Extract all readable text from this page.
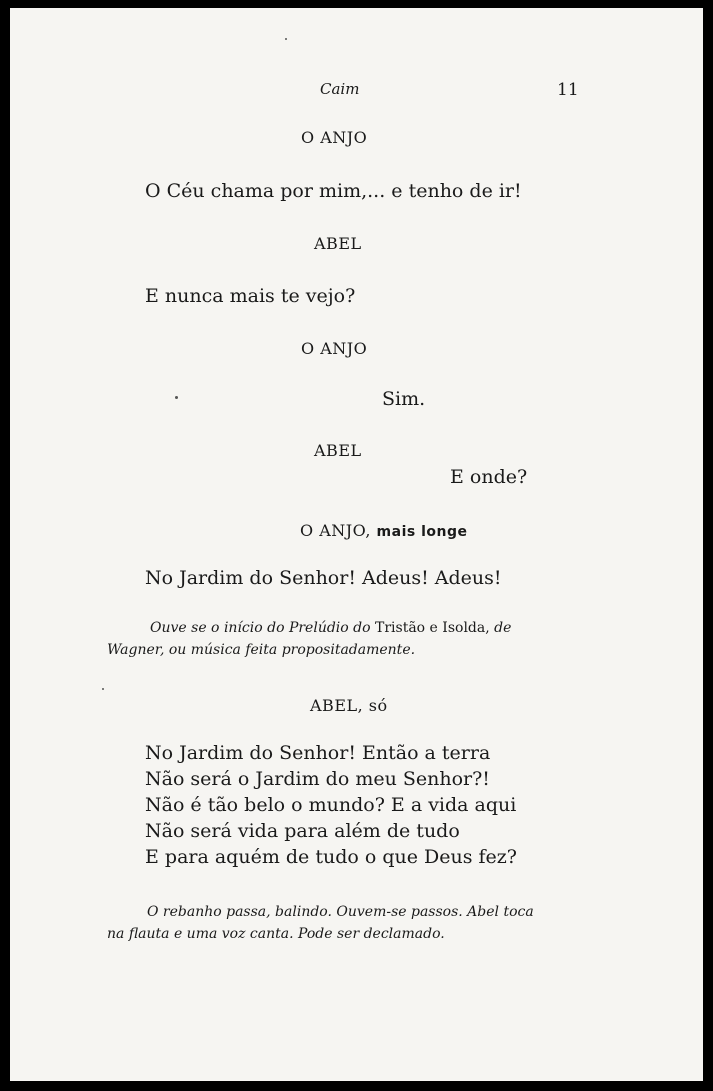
Caim	11
O ANJO
O Céu chama por mim,... e tenho de ir!
ABEL
E nunca mais te vejo?
O ANJO
Sim.
ABEL
E onde?
O ANJO, mais longe
No Jardim do Senhor! Adeus! Adeus!
Ouve se o início do Prelúdio do Tristão e Isolda, de
Wagner, ou música feita propositadamente.
ABEL, só
No Jardim do Senhor! Então a terra
Não será o Jardim do meu Senhor?!
Não é tão belo o mundo? E a vida aqui
Não será vida para além de tudo
E para aquém de tudo o que Deus fez?
O rebanho passa, balindo. Ouvem-se passos. Abel toca
na flauta e uma voz canta. Pode ser declamado.
